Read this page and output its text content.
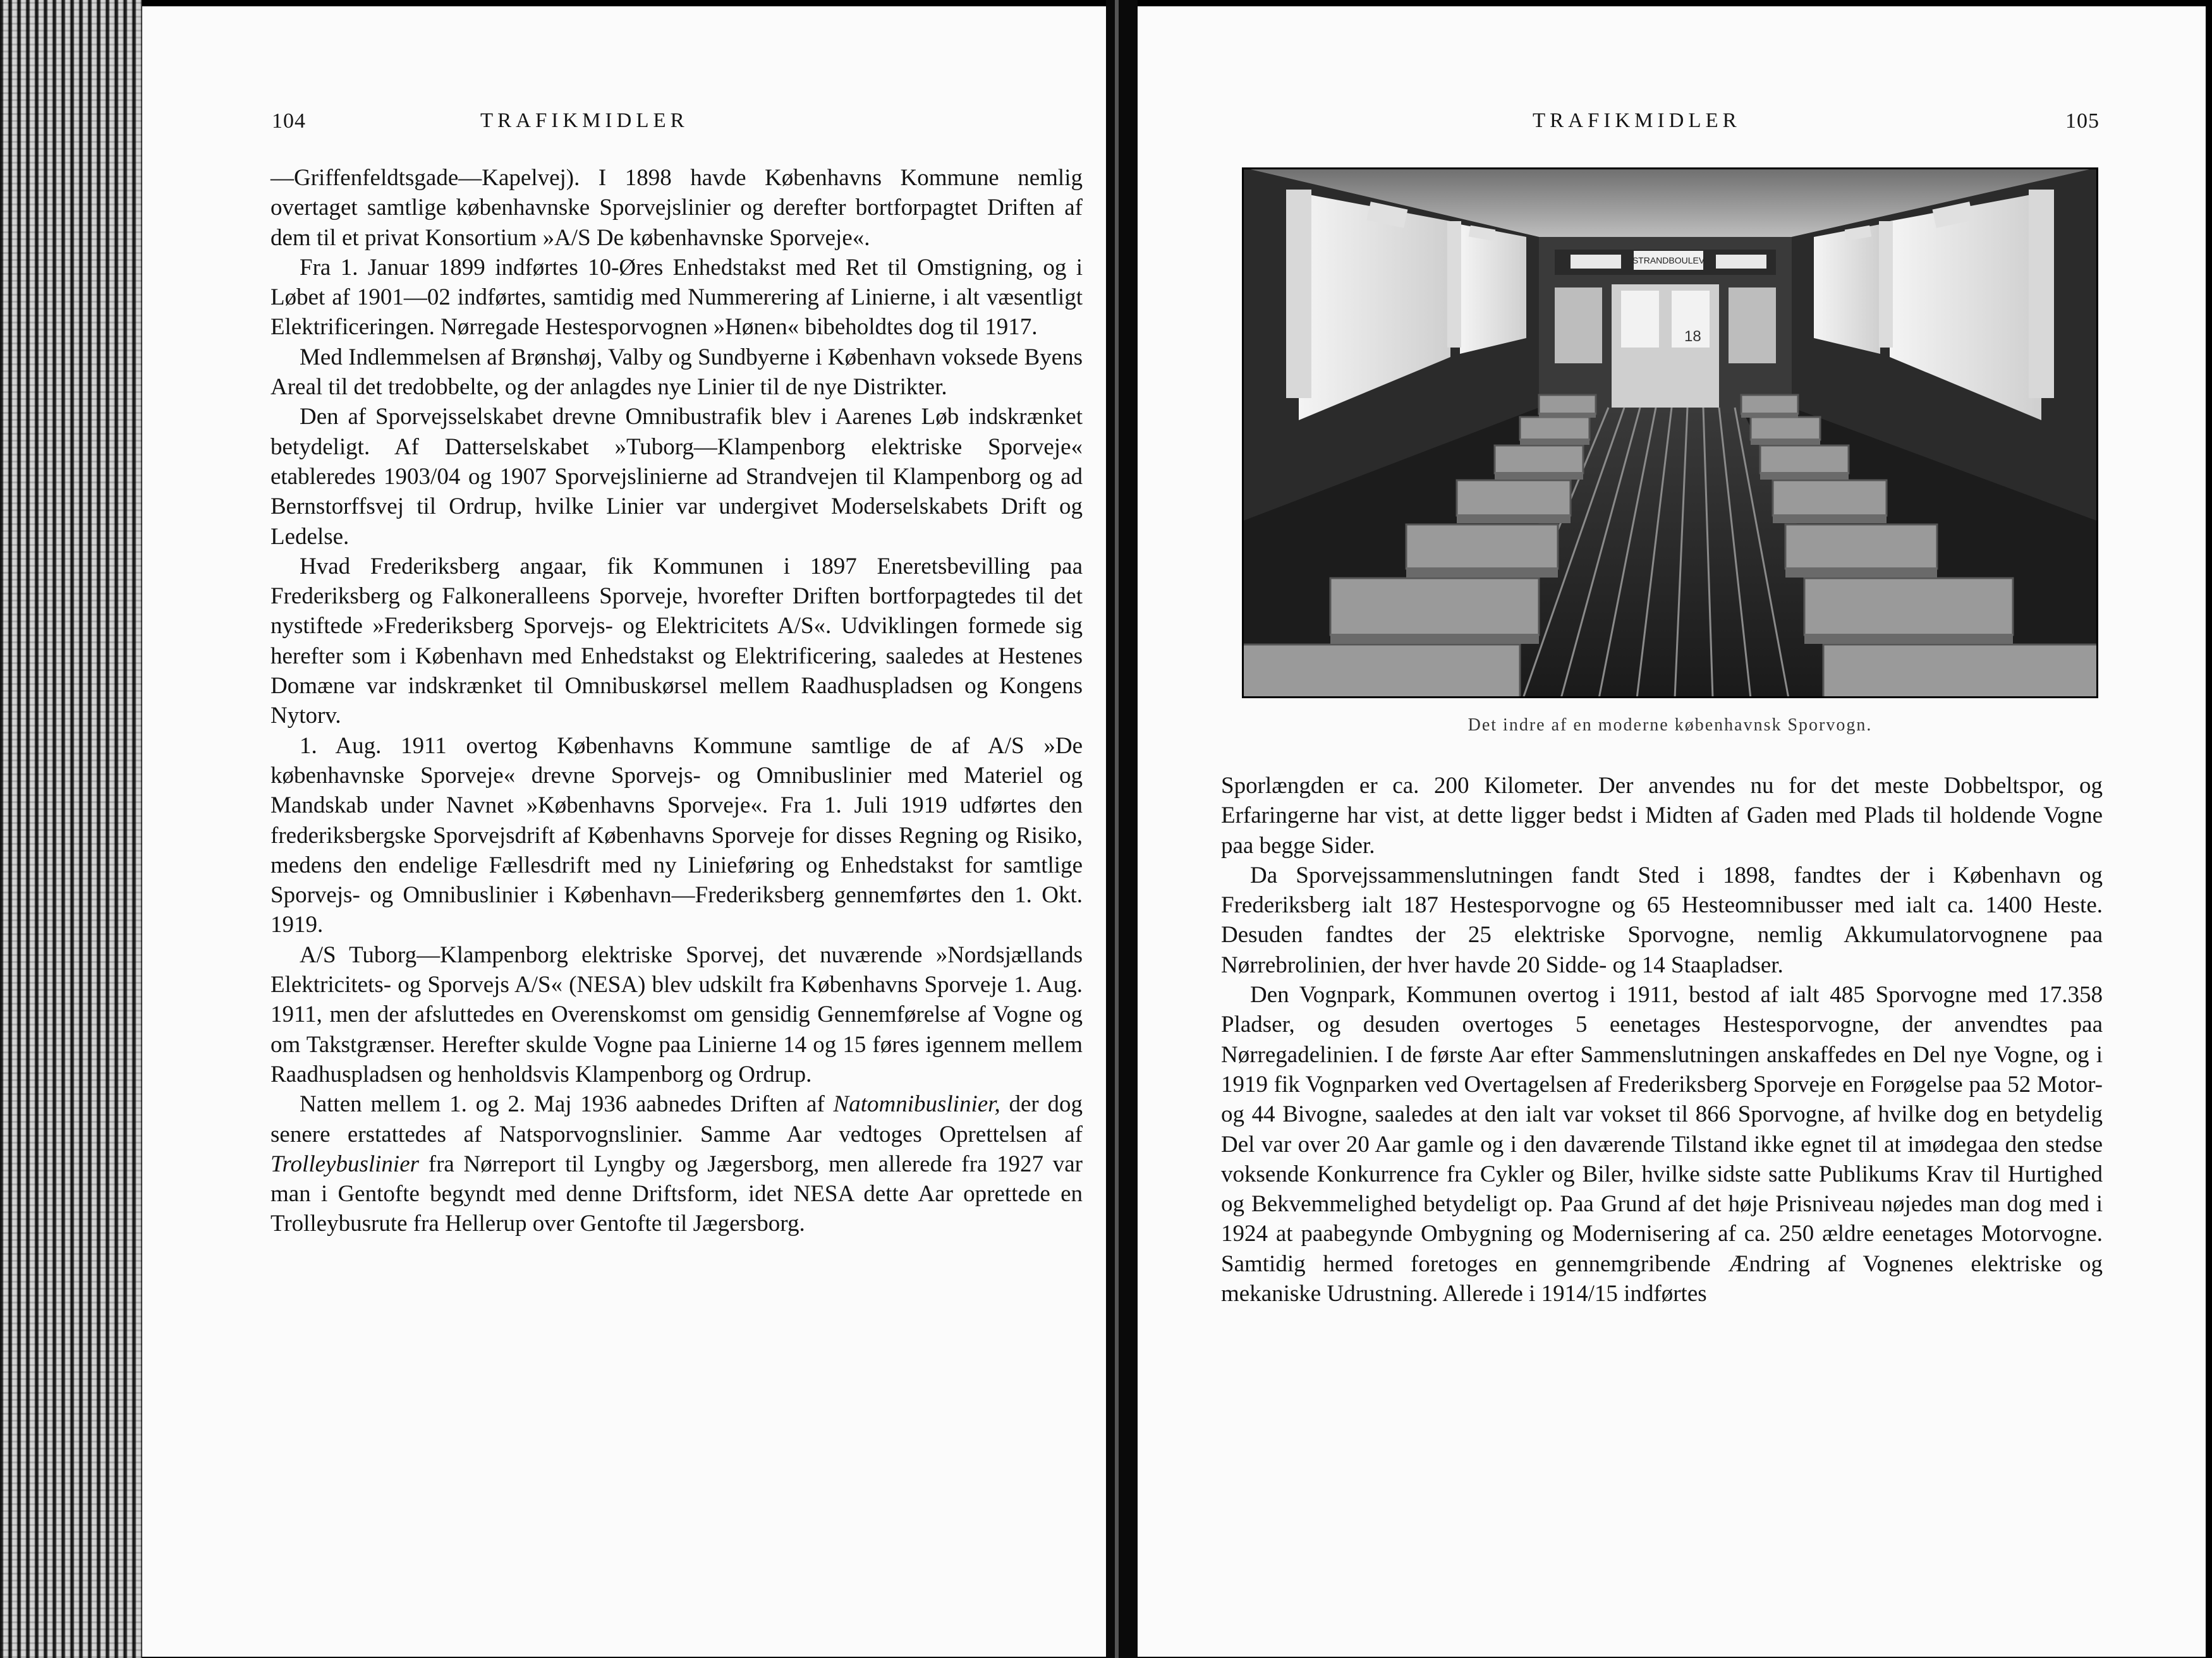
104	TRAFIKMIDLER

—Griffenfeldtsgade—Kapelvej). I 1898 havde Københavns Kommune nemlig overtaget samtlige københavnske Sporvejslinier og derefter bortforpagtet Driften af dem til et privat Konsortium »A/S De københavnske Sporveje«.

Fra 1. Januar 1899 indførtes 10-Øres Enhedstakst med Ret til Omstigning, og i Løbet af 1901—02 indførtes, samtidig med Nummerering af Linierne, i alt væsentligt Elektrificeringen. Nørregade Hestesporvognen »Hønen« bibeholdtes dog til 1917.

Med Indlemmelsen af Brønshøj, Valby og Sundbyerne i København voksede Byens Areal til det tredobbelte, og der anlagdes nye Linier til de nye Distrikter.

Den af Sporvejsselskabet drevne Omnibustrafik blev i Aarenes Løb indskrænket betydeligt. Af Datterselskabet »Tuborg—Klampenborg elektriske Sporveje« etableredes 1903/04 og 1907 Sporvejslinierne ad Strandvejen til Klampenborg og ad Bernstorffsvej til Ordrup, hvilke Linier var undergivet Moderselskabets Drift og Ledelse.

Hvad Frederiksberg angaar, fik Kommunen i 1897 Eneretsbevilling paa Frederiksberg og Falkoneralleens Sporveje, hvorefter Driften bortforpagtedes til det nystiftede »Frederiksberg Sporvejs- og Elektricitets A/S«. Udviklingen formede sig herefter som i København med Enhedstakst og Elektrificering, saaledes at Hestenes Domæne var indskrænket til Omnibuskørsel mellem Raadhuspladsen og Kongens Nytorv.

1. Aug. 1911 overtog Københavns Kommune samtlige de af A/S »De københavnske Sporveje« drevne Sporvejs- og Omnibuslinier med Materiel og Mandskab under Navnet »Københavns Sporveje«. Fra 1. Juli 1919 udførtes den frederiksbergske Sporvejsdrift af Københavns Sporveje for disses Regning og Risiko, medens den endelige Fællesdrift med ny Linieføring og Enhedstakst for samtlige Sporvejs- og Omnibuslinier i København—Frederiksberg gennemførtes den 1. Okt. 1919.

A/S Tuborg—Klampenborg elektriske Sporvej, det nuværende »Nordsjællands Elektricitets- og Sporvejs A/S« (NESA) blev udskilt fra Københavns Sporveje 1. Aug. 1911, men der afsluttedes en Overenskomst om gensidig Gennemførelse af Vogne og om Takstgrænser. Herefter skulde Vogne paa Linierne 14 og 15 føres igennem mellem Raadhuspladsen og henholdsvis Klampenborg og Ordrup.

Natten mellem 1. og 2. Maj 1936 aabnedes Driften af Natomnibuslinier, der dog senere erstattedes af Natsporvognslinier. Samme Aar vedtoges Oprettelsen af Trolleybuslinier fra Nørreport til Lyngby og Jægersborg, men allerede fra 1927 var man i Gentofte begyndt med denne Driftsform, idet NESA dette Aar oprettede en Trolleybusrute fra Hellerup over Gentofte til Jægersborg.

TRAFIKMIDLER	105
STRANDBOULEV
18
Det indre af en moderne københavnsk Sporvogn.

Sporlængden er ca. 200 Kilometer. Der anvendes nu for det meste Dobbeltspor, og Erfaringerne har vist, at dette ligger bedst i Midten af Gaden med Plads til holdende Vogne paa begge Sider.

Da Sporvejssammenslutningen fandt Sted i 1898, fandtes der i København og Frederiksberg ialt 187 Hestesporvogne og 65 Hesteomnibusser med ialt ca. 1400 Heste. Desuden fandtes der 25 elektriske Sporvogne, nemlig Akkumulatorvognene paa Nørrebrolinien, der hver havde 20 Sidde- og 14 Staapladser.

Den Vognpark, Kommunen overtog i 1911, bestod af ialt 485 Sporvogne med 17.358 Pladser, og desuden overtoges 5 eenetages Hestesporvogne, der anvendtes paa Nørregadelinien. I de første Aar efter Sammenslutningen anskaffedes en Del nye Vogne, og i 1919 fik Vognparken ved Overtagelsen af Frederiksberg Sporveje en Forøgelse paa 52 Motor- og 44 Bivogne, saaledes at den ialt var vokset til 866 Sporvogne, af hvilke dog en betydelig Del var over 20 Aar gamle og i den daværende Tilstand ikke egnet til at imødegaa den stedse voksende Konkurrence fra Cykler og Biler, hvilke sidste satte Publikums Krav til Hurtighed og Bekvemmelighed betydeligt op. Paa Grund af det høje Prisniveau nøjedes man dog med i 1924 at paabegynde Ombygning og Modernisering af ca. 250 ældre eenetages Motorvogne. Samtidig hermed foretoges en gennemgribende Ændring af Vognenes elektriske og mekaniske Udrustning. Allerede i 1914/15 indførtes
